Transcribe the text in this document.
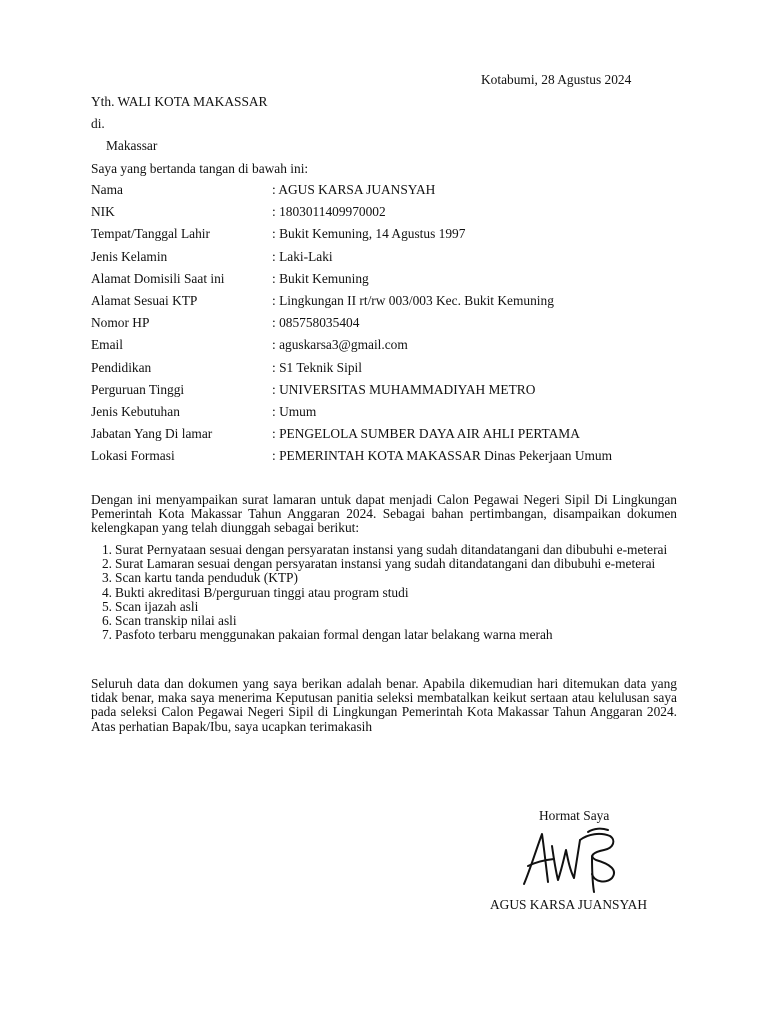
Kotabumi, 28 Agustus 2024
Yth. WALI KOTA MAKASSAR
di.
Makassar
Saya yang bertanda tangan di bawah ini:
Nama	: AGUS KARSA JUANSYAH
NIK	: 1803011409970002
Tempat/Tanggal Lahir	: Bukit Kemuning, 14 Agustus 1997
Jenis Kelamin	: Laki-Laki
Alamat Domisili Saat ini	: Bukit Kemuning
Alamat Sesuai KTP	: Lingkungan II rt/rw 003/003 Kec. Bukit Kemuning
Nomor HP	: 085758035404
Email	: aguskarsa3@gmail.com
Pendidikan	: S1 Teknik Sipil
Perguruan Tinggi	: UNIVERSITAS MUHAMMADIYAH METRO
Jenis Kebutuhan	: Umum
Jabatan Yang Di lamar	: PENGELOLA SUMBER DAYA AIR AHLI PERTAMA
Lokasi Formasi	: PEMERINTAH KOTA MAKASSAR Dinas Pekerjaan Umum

Dengan ini menyampaikan surat lamaran untuk dapat menjadi Calon Pegawai Negeri Sipil Di Lingkungan Pemerintah Kota Makassar Tahun Anggaran 2024. Sebagai bahan pertimbangan, disampaikan dokumen kelengkapan yang telah diunggah sebagai berikut:

1. Surat Pernyataan sesuai dengan persyaratan instansi yang sudah ditandatangani dan dibubuhi e-meterai
2. Surat Lamaran sesuai dengan persyaratan instansi yang sudah ditandatangani dan dibubuhi e-meterai
3. Scan kartu tanda penduduk (KTP)
4. Bukti akreditasi B/perguruan tinggi atau program studi
5. Scan ijazah asli
6. Scan transkip nilai asli
7. Pasfoto terbaru menggunakan pakaian formal dengan latar belakang warna merah

Seluruh data dan dokumen yang saya berikan adalah benar. Apabila dikemudian hari ditemukan data yang tidak benar, maka saya menerima Keputusan panitia seleksi membatalkan keikut sertaan atau kelulusan saya pada seleksi Calon Pegawai Negeri Sipil di Lingkungan Pemerintah Kota Makassar Tahun Anggaran 2024. Atas perhatian Bapak/Ibu, saya ucapkan terimakasih

Hormat Saya
AGUS KARSA JUANSYAH
